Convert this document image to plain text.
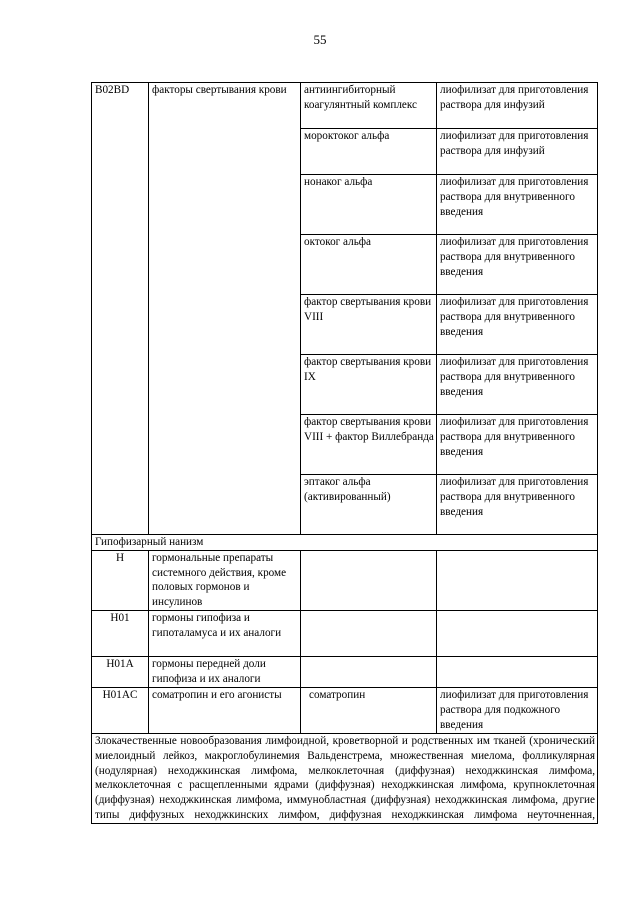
55
B02BD	факторы свертывания крови	антиингибиторный коагулянтный комплекс	лиофилизат для приготовления раствора для инфузий
		мороктоког альфа	лиофилизат для приготовления раствора для инфузий
		нонаког альфа	лиофилизат для приготовления раствора для внутривенного введения
		октоког альфа	лиофилизат для приготовления раствора для внутривенного введения
		фактор свертывания крови VIII	лиофилизат для приготовления раствора для внутривенного введения
		фактор свертывания крови IX	лиофилизат для приготовления раствора для внутривенного введения
		фактор свертывания крови VIII + фактор Виллебранда	лиофилизат для приготовления раствора для внутривенного введения
		эптаког альфа (активированный)	лиофилизат для приготовления раствора для внутривенного введения
Гипофизарный нанизм			
H	гормональные препараты системного действия, кроме половых гормонов и инсулинов		
H01	гормоны гипофиза и гипоталамуса и их аналоги		
H01A	гормоны передней доли гипофиза и их аналоги		
H01AC	соматропин и его агонисты	соматропин	лиофилизат для приготовления раствора для подкожного введения
Злокачественные новообразования лимфоидной, кроветворной и родственных им тканей (хронический миелоидный лейкоз, макроглобулинемия Вальденстрема, множественная миелома, фолликулярная (нодулярная) неходжкинская лимфома, мелкоклеточная (диффузная) неходжкинская лимфома, мелкоклеточная с расщепленными ядрами (диффузная) неходжкинская лимфома, крупноклеточная (диффузная) неходжкинская лимфома, иммунобластная (диффузная) неходжкинская лимфома, другие типы диффузных неходжкинских лимфом, диффузная неходжкинская лимфома неуточненная,			
